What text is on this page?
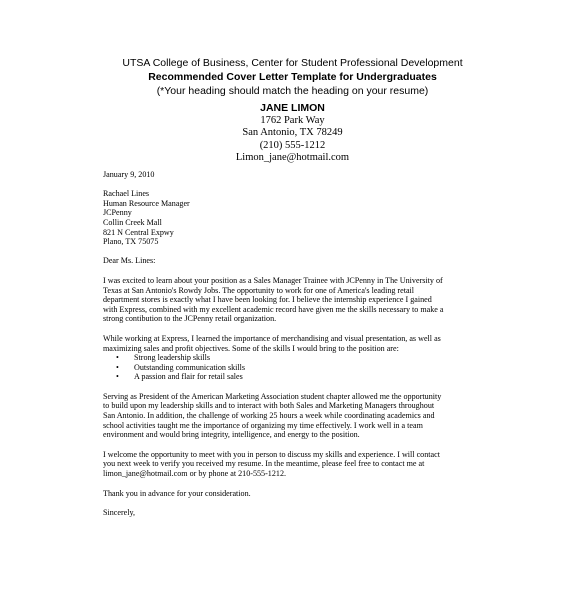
UTSA College of Business, Center for Student Professional Development
Recommended Cover Letter Template for Undergraduates
(*Your heading should match the heading on your resume)
JANE LIMON
1762 Park Way
San Antonio, TX 78249
(210) 555-1212
Limon_jane@hotmail.com

January 9, 2010

Rachael Lines

Human Resource Manager

JCPenny

Collin Creek Mall

821 N Central Expwy

Plano, TX 75075

Dear Ms. Lines:

I was excited to learn about your position as a Sales Manager Trainee with JCPenny in The University of

Texas at San Antonio's Rowdy Jobs. The opportunity to work for one of America's leading retail

department stores is exactly what I have been looking for. I believe the internship experience I gained

with Express, combined with my excellent academic record have given me the skills necessary to make a

strong contibution to the JCPenny retail organization.

While working at Express, I learned the importance of merchandising and visual presentation, as well as

maximizing sales and profit objectives. Some of the skills I would bring to the position are:

• Strong leadership skills
• Outstanding communication skills
• A passion and flair for retail sales

Serving as President of the American Marketing Association student chapter allowed me the opportunity

to build upon my leadership skills and to interact with both Sales and Marketing Managers throughout

San Antonio. In addition, the challenge of working 25 hours a week while coordinating academics and

school activities taught me the importance of organizing my time effectively. I work well in a team

environment and would bring integrity, intelligence, and energy to the position.

I welcome the opportunity to meet with you in person to discuss my skills and experience. I will contact

you next week to verify you received my resume. In the meantime, please feel free to contact me at

limon_jane@hotmail.com or by phone at 210-555-1212.

Thank you in advance for your consideration.

Sincerely,
